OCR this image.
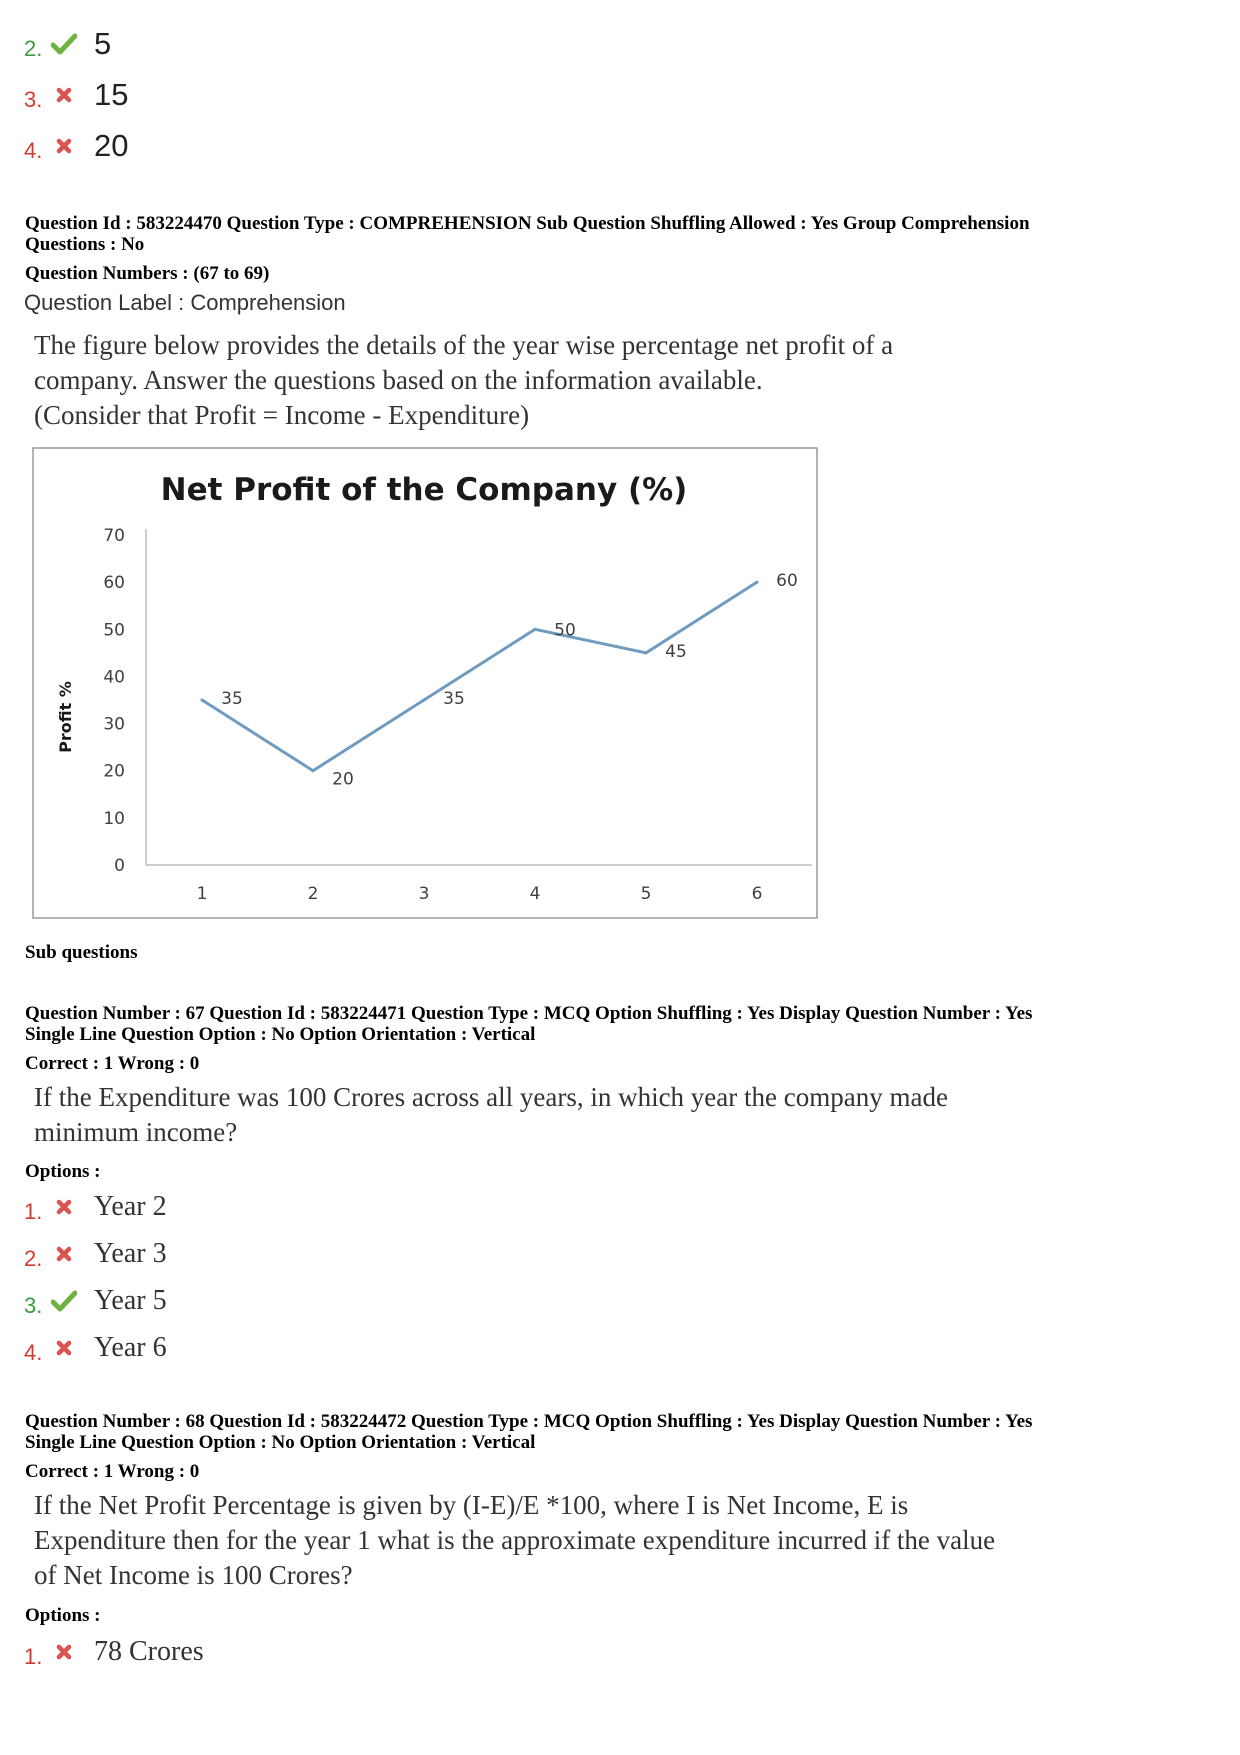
2. 5
3. 15
4. 20
Question Id : 583224470 Question Type : COMPREHENSION Sub Question Shuffling Allowed : Yes Group Comprehension
Questions : No
Question Numbers : (67 to 69)
Question Label : Comprehension
The figure below provides the details of the year wise percentage net profit of a
company. Answer the questions based on the information available.
(Consider that Profit = Income - Expenditure)
Net Profit of the Company (%)
Profit %
0
10
20
30
40
50
60
70
1	2	3	4	5	6
35
20
35
50
45
60
Sub questions
Question Number : 67 Question Id : 583224471 Question Type : MCQ Option Shuffling : Yes Display Question Number : Yes
Single Line Question Option : No Option Orientation : Vertical
Correct : 1 Wrong : 0
If the Expenditure was 100 Crores across all years, in which year the company made
minimum income?
Options :
1. Year 2
2. Year 3
3. Year 5
4. Year 6
Question Number : 68 Question Id : 583224472 Question Type : MCQ Option Shuffling : Yes Display Question Number : Yes
Single Line Question Option : No Option Orientation : Vertical
Correct : 1 Wrong : 0
If the Net Profit Percentage is given by (I-E)/E *100, where I is Net Income, E is
Expenditure then for the year 1 what is the approximate expenditure incurred if the value
of Net Income is 100 Crores?
Options :
1. 78 Crores
